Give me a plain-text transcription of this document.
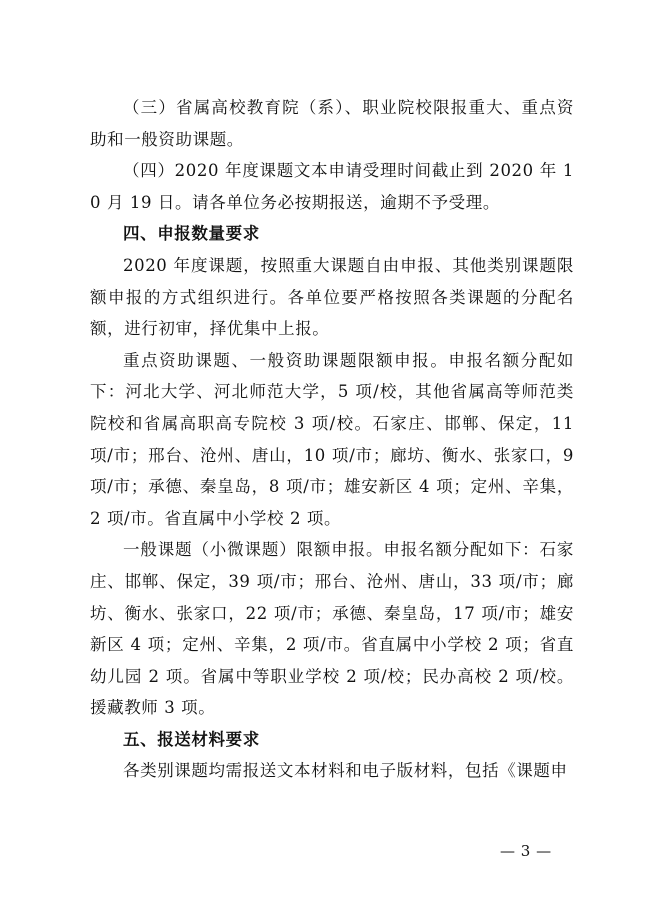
（三）省属高校教育院（系）、职业院校限报重大、重点资助和一般资助课题。

（四）2020 年度课题文本申请受理时间截止到 2020 年 10 月 19 日。请各单位务必按期报送，逾期不予受理。

四、申报数量要求

2020 年度课题，按照重大课题自由申报、其他类别课题限额申报的方式组织进行。各单位要严格按照各类课题的分配名额，进行初审，择优集中上报。

重点资助课题、一般资助课题限额申报。申报名额分配如下：河北大学、河北师范大学，5 项/校，其他省属高等师范类院校和省属高职高专院校 3 项/校。石家庄、邯郸、保定，11 项/市；邢台、沧州、唐山，10 项/市；廊坊、衡水、张家口，9 项/市；承德、秦皇岛，8 项/市；雄安新区 4 项；定州、辛集，2 项/市。省直属中小学校 2 项。

一般课题（小微课题）限额申报。申报名额分配如下：石家庄、邯郸、保定，39 项/市；邢台、沧州、唐山，33 项/市；廊坊、衡水、张家口，22 项/市；承德、秦皇岛，17 项/市；雄安新区 4 项；定州、辛集，2 项/市。省直属中小学校 2 项；省直幼儿园 2 项。省属中等职业学校 2 项/校；民办高校 2 项/校。援藏教师 3 项。

五、报送材料要求

各类别课题均需报送文本材料和电子版材料，包括《课题申

— 3 —
